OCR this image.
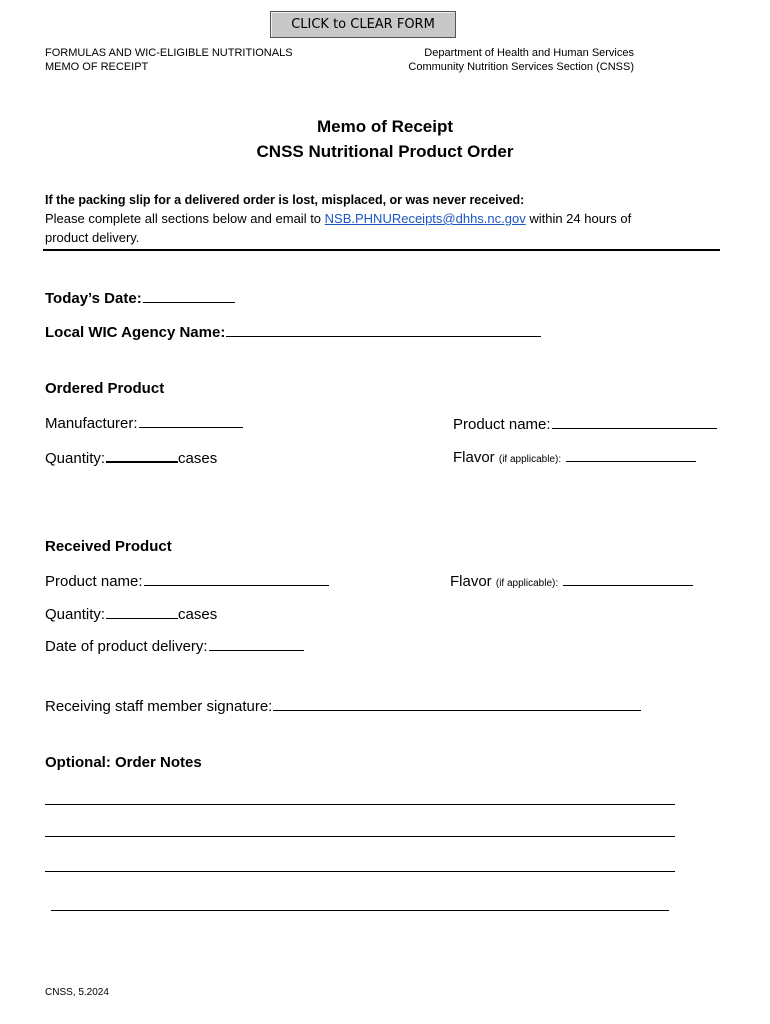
CLICK to CLEAR FORM
FORMULAS AND WIC-ELIGIBLE NUTRITIONALS
MEMO OF RECEIPT
Department of Health and Human Services
Community Nutrition Services Section (CNSS)
Memo of Receipt
CNSS Nutritional Product Order
If the packing slip for a delivered order is lost, misplaced, or was never received:
Please complete all sections below and email to NSB.PHNUReceipts@dhhs.nc.gov within 24 hours of
product delivery.
Today’s Date:
Local WIC Agency Name:
Ordered Product
Manufacturer:	Product name:
Quantity:	cases	Flavor (if applicable):
Received Product
Product name:	Flavor (if applicable):
Quantity:	cases
Date of product delivery:
Receiving staff member signature:
Optional: Order Notes
CNSS, 5.2024
